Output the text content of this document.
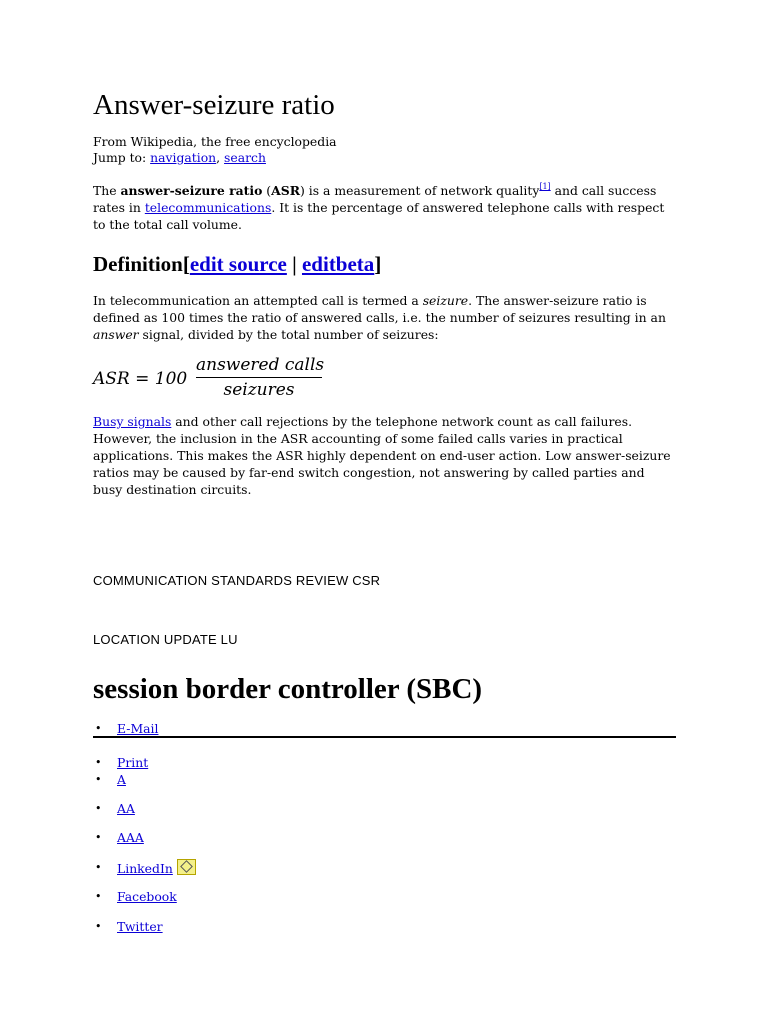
Answer-seizure ratio
From Wikipedia, the free encyclopedia
Jump to: navigation, search

The answer-seizure ratio (ASR) is a measurement of network quality[1] and call success rates in telecommunications. It is the percentage of answered telephone calls with respect to the total call volume.

Definition[edit source | editbeta]

In telecommunication an attempted call is termed a seizure. The answer-seizure ratio is defined as 100 times the ratio of answered calls, i.e. the number of seizures resulting in an answer signal, divided by the total number of seizures:

ASR = 100
answered calls
seizures

Busy signals and other call rejections by the telephone network count as call failures. However, the inclusion in the ASR accounting of some failed calls varies in practical applications. This makes the ASR highly dependent on end-user action. Low answer-seizure ratios may be caused by far-end switch congestion, not answering by called parties and busy destination circuits.

COMMUNICATION STANDARDS REVIEW CSR
LOCATION UPDATE LU
session border controller (SBC)
• E-Mail
• Print
• A
• AA
• AAA
• LinkedIn
• Facebook
• Twitter
